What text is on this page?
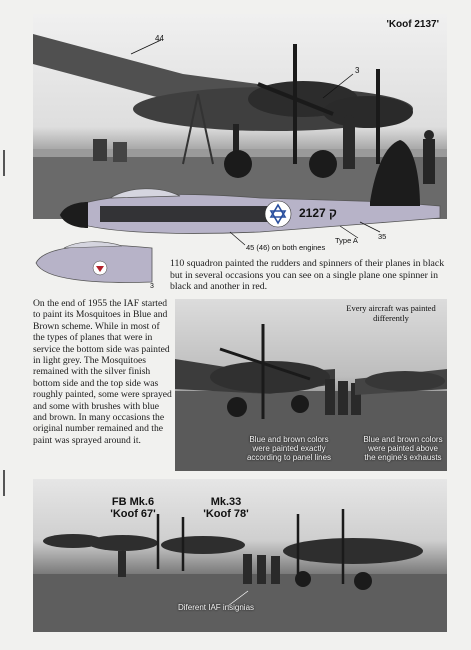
'Koof 2137'
44
3
2127 ק
Type A	35
45 (46) on both engines
3
110 squadron painted the rudders and spinners of their planes in black but in several occasions you can see on a single plane one spinner in black and another in red.
On the end of 1955 the IAF started to paint its Mosquitoes in Blue and Brown scheme. While in most of the types of planes that were in service the bottom side was painted in light grey. The Mosquitoes remained with the silver finish bottom side and the top side was roughly painted, some were sprayed and some with brushes with blue and brown. In many occasions the original number remained and the paint was sprayed around it.
Every aircraft was painted differently
Blue and brown colors were painted exactly according to panel lines
Blue and brown colors were painted above the engine's exhausts
FB Mk.6
'Koof 67'
Mk.33
'Koof 78'
Diferent IAF insignias
